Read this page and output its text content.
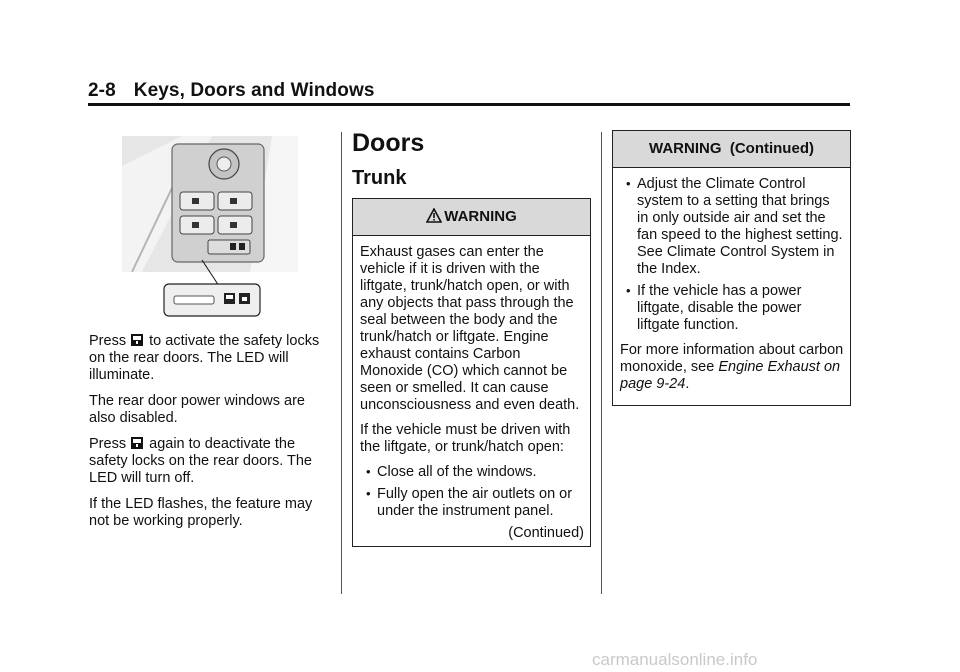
2-8 Keys, Doors and Windows

Press to activate the safety locks on the rear doors. The LED will illuminate.

The rear door power windows are also disabled.

Press again to deactivate the safety locks on the rear doors. The LED will turn off.

If the LED flashes, the feature may not be working properly.

Doors
Trunk
WARNING

Exhaust gases can enter the vehicle if it is driven with the liftgate, trunk/hatch open, or with any objects that pass through the seal between the body and the trunk/hatch or liftgate. Engine exhaust contains Carbon Monoxide (CO) which cannot be seen or smelled. It can cause unconsciousness and even death.

If the vehicle must be driven with the liftgate, or trunk/hatch open:

• Close all of the windows.
• Fully open the air outlets on or under the instrument panel.
(Continued)
WARNING  (Continued)
• Adjust the Climate Control system to a setting that brings in only outside air and set the fan speed to the highest setting. See Climate Control System in the Index.
• If the vehicle has a power liftgate, disable the power liftgate function.

For more information about carbon monoxide, see Engine Exhaust on page 9-24.

carmanualsonline.info
